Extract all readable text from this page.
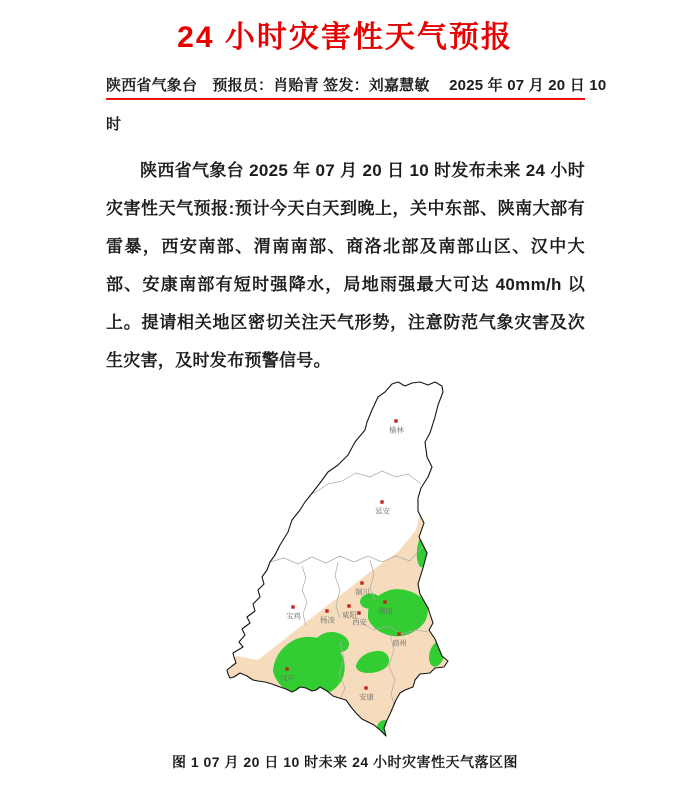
24 小时灾害性天气预报
陕西省气象台　预报员：肖贻青 签发：刘嘉慧敏　 2025 年 07 月 20 日 10
时

陕西省气象台 2025 年 07 月 20 日 10 时发布未来 24 小时灾害性天气预报:预计今天白天到晚上，关中东部、陕南大部有雷暴，西安南部、渭南南部、商洛北部及南部山区、汉中大部、安康南部有短时强降水，局地雨强最大可达 40mm/h 以上。提请相关地区密切关注天气形势，注意防范气象灾害及次生灾害，及时发布预警信号。

榆林
延安
宝鸡
铜川
杨凌
咸阳
西安
渭南
商州
汉中
安康
图 1 07 月 20 日 10 时未来 24 小时灾害性天气落区图
